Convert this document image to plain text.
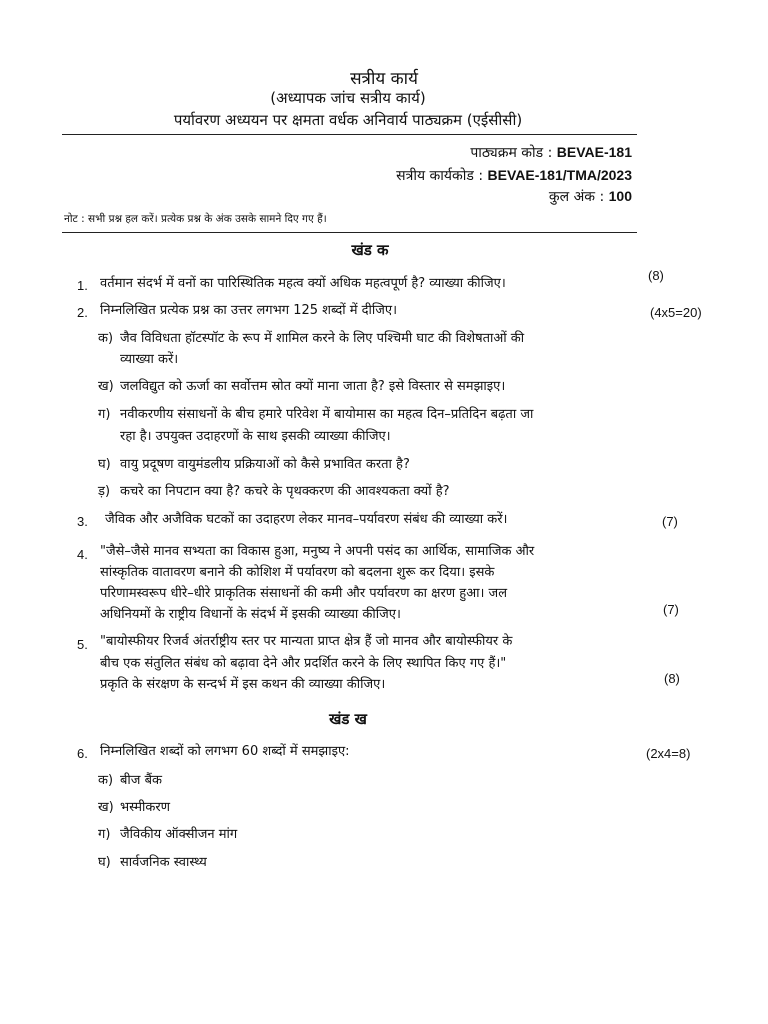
सत्रीय कार्य
(अध्यापक जांच सत्रीय कार्य)
पर्यावरण अध्ययन पर क्षमता वर्धक अनिवार्य पाठ्यक्रम (एईसीसी)
पाठ्यक्रम कोड : BEVAE-181
सत्रीय कार्यकोड : BEVAE-181/TMA/2023
कुल अंक : 100
नोट : सभी प्रश्न हल करें। प्रत्येक प्रश्न के अंक उसके सामने दिए गए हैं।
खंड क
1. वर्तमान संदर्भ में वनों का पारिस्थितिक महत्व क्यों अधिक महत्वपूर्ण है? व्याख्या कीजिए।
(8)
2. निम्नलिखित प्रत्येक प्रश्न का उत्तर लगभग 125 शब्दों में दीजिए।	(4x5=20)
क) जैव विविधता हॉटस्पॉट के रूप में शामिल करने के लिए पश्चिमी घाट की विशेषताओं की
व्याख्या करें।
ख) जलविद्युत को ऊर्जा का सर्वोत्तम स्रोत क्यों माना जाता है? इसे विस्तार से समझाइए।
ग) नवीकरणीय संसाधनों के बीच हमारे परिवेश में बायोमास का महत्व दिन–प्रतिदिन बढ़ता जा
रहा है। उपयुक्त उदाहरणों के साथ इसकी व्याख्या कीजिए।
घ) वायु प्रदूषण वायुमंडलीय प्रक्रियाओं को कैसे प्रभावित करता है?
ड़) कचरे का निपटान क्या है? कचरे के पृथक्करण की आवश्यकता क्यों है?
3. जैविक और अजैविक घटकों का उदाहरण लेकर मानव–पर्यावरण संबंध की व्याख्या करें।	(7)
4. "जैसे–जैसे मानव सभ्यता का विकास हुआ, मनुष्य ने अपनी पसंद का आर्थिक, सामाजिक और
सांस्कृतिक वातावरण बनाने की कोशिश में पर्यावरण को बदलना शुरू कर दिया। इसके
परिणामस्वरूप धीरे–धीरे प्राकृतिक संसाधनों की कमी और पर्यावरण का क्षरण हुआ। जल
अधिनियमों के राष्ट्रीय विधानों के संदर्भ में इसकी व्याख्या कीजिए।	(7)
5. "बायोस्फीयर रिजर्व अंतर्राष्ट्रीय स्तर पर मान्यता प्राप्त क्षेत्र हैं जो मानव और बायोस्फीयर के
बीच एक संतुलित संबंध को बढ़ावा देने और प्रदर्शित करने के लिए स्थापित किए गए हैं।"
प्रकृति के संरक्षण के सन्दर्भ में इस कथन की व्याख्या कीजिए।	(8)
खंड ख
6. निम्नलिखित शब्दों को लगभग 60 शब्दों में समझाइए:	(2x4=8)
क) बीज बैंक
ख) भस्मीकरण
ग) जैविकीय ऑक्सीजन मांग
घ) सार्वजनिक स्वास्थ्य
